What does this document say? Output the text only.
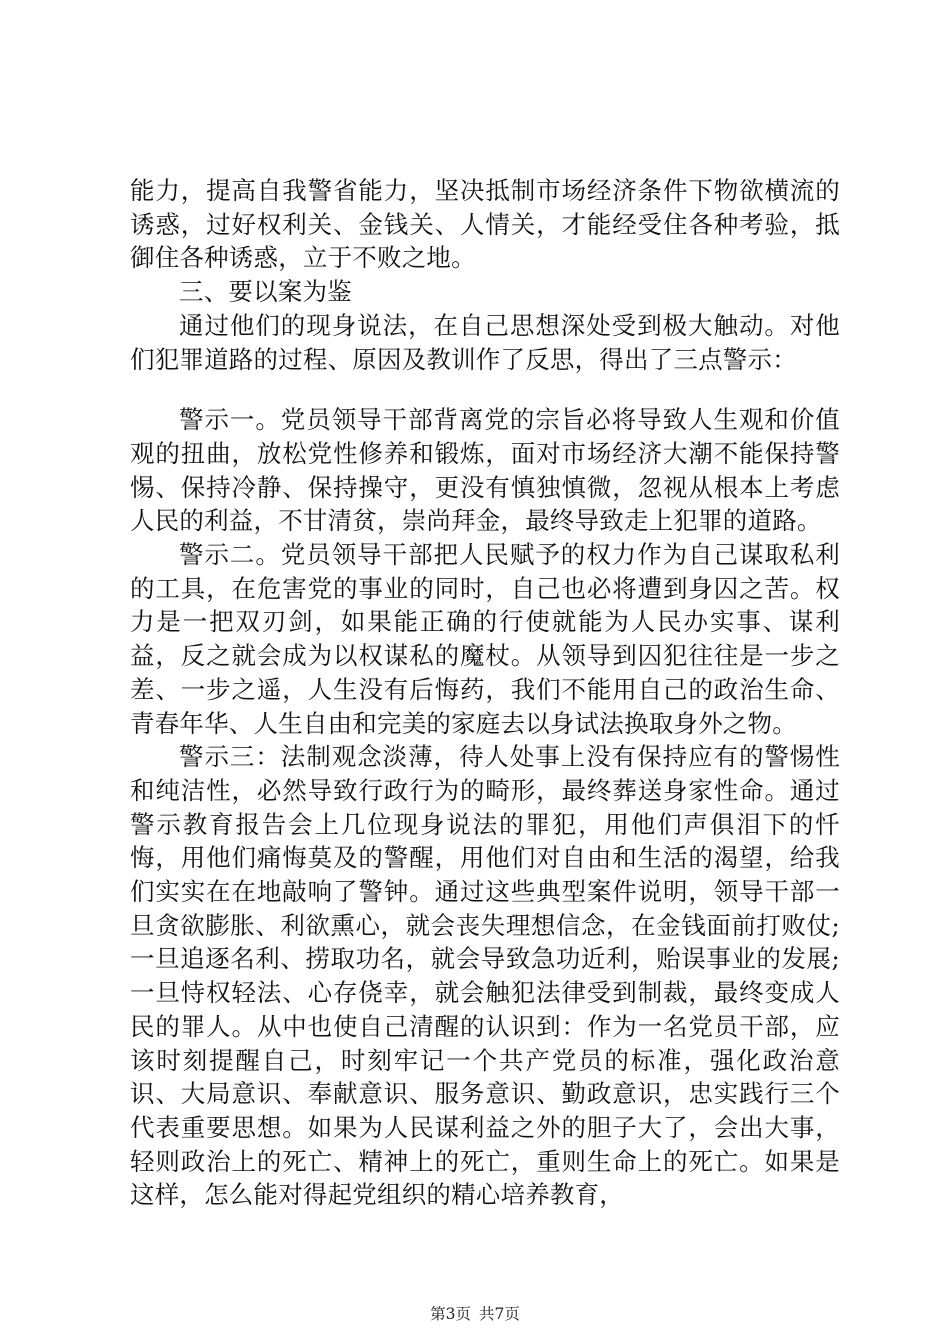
能力，提高自我警省能力，坚决抵制市场经济条件下物欲横流的诱惑，过好权利关、金钱关、人情关，才能经受住各种考验，抵御住各种诱惑，立于不败之地。

三、要以案为鉴

通过他们的现身说法，在自己思想深处受到极大触动。对他们犯罪道路的过程、原因及教训作了反思，得出了三点警示：

警示一。党员领导干部背离党的宗旨必将导致人生观和价值观的扭曲，放松党性修养和锻炼，面对市场经济大潮不能保持警惕、保持冷静、保持操守，更没有慎独慎微，忽视从根本上考虑人民的利益，不甘清贫，崇尚拜金，最终导致走上犯罪的道路。

警示二。党员领导干部把人民赋予的权力作为自己谋取私利的工具，在危害党的事业的同时，自己也必将遭到身囚之苦。权力是一把双刃剑，如果能正确的行使就能为人民办实事、谋利益，反之就会成为以权谋私的魔杖。从领导到囚犯往往是一步之差、一步之遥，人生没有后悔药，我们不能用自己的政治生命、青春年华、人生自由和完美的家庭去以身试法换取身外之物。

警示三：法制观念淡薄，待人处事上没有保持应有的警惕性和纯洁性，必然导致行政行为的畸形，最终葬送身家性命。通过警示教育报告会上几位现身说法的罪犯，用他们声俱泪下的忏悔，用他们痛悔莫及的警醒，用他们对自由和生活的渴望，给我们实实在在地敲响了警钟。通过这些典型案件说明，领导干部一旦贪欲膨胀、利欲熏心，就会丧失理想信念，在金钱面前打败仗;一旦追逐名利、捞取功名，就会导致急功近利，贻误事业的发展;一旦恃权轻法、心存侥幸，就会触犯法律受到制裁，最终变成人民的罪人。从中也使自己清醒的认识到：作为一名党员干部，应该时刻提醒自己，时刻牢记一个共产党员的标准，强化政治意识、大局意识、奉献意识、服务意识、勤政意识，忠实践行三个代表重要思想。如果为人民谋利益之外的胆子大了，会出大事，轻则政治上的死亡、精神上的死亡，重则生命上的死亡。如果是这样，怎么能对得起党组织的精心培养教育，

第3页 共7页
